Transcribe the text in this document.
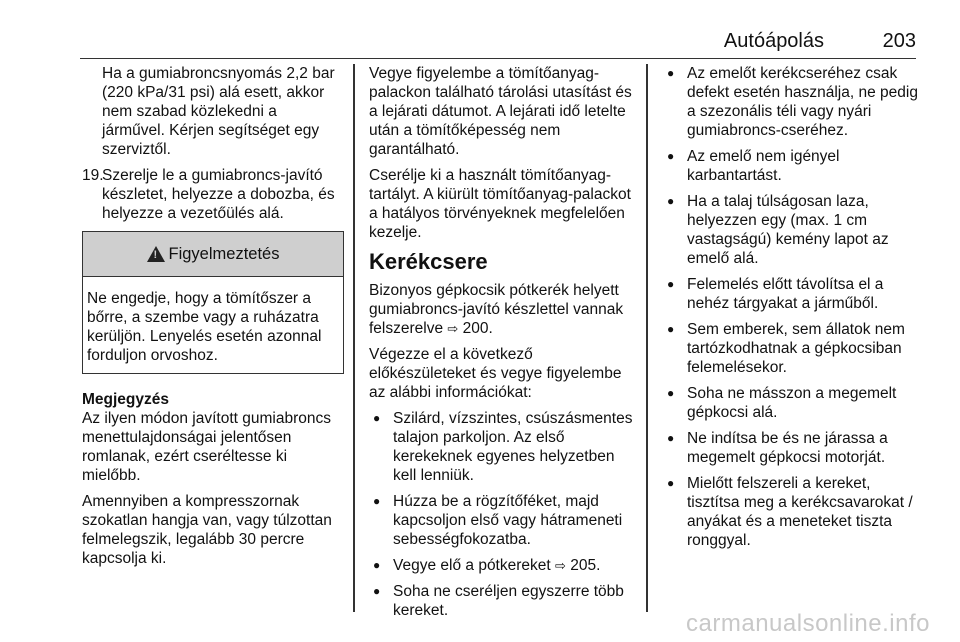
Autóápolás	203

Ha a gumiabroncsnyomás 2,2 bar (220 kPa/31 psi) alá esett, akkor nem szabad közlekedni a járművel. Kérjen segítséget egy szerviztől.

19.
Szerelje le a gumiabroncs-javító készletet, helyezze a dobozba, és helyezze a vezetőülés alá.
! Figyelmeztetés
Ne engedje, hogy a tömítőszer a bőrre, a szembe vagy a ruházatra kerüljön. Lenyelés esetén azonnal forduljon orvoshoz.
Megjegyzés

Az ilyen módon javított gumiabroncs menettulajdonságai jelentősen romlanak, ezért cseréltesse ki mielőbb.

Amennyiben a kompresszornak szokatlan hangja van, vagy túlzottan felmelegszik, legalább 30 percre kapcsolja ki.

Vegye figyelembe a tömítőanyag-palackon található tárolási utasítást és a lejárati dátumot. A lejárati idő letelte után a tömítőképesség nem garantálható.

Cserélje ki a használt tömítőanyag-tartályt. A kiürült tömítőanyag-palackot a hatályos törvényeknek megfelelően kezelje.

Kerékcsere

Bizonyos gépkocsik pótkerék helyett gumiabroncs-javító készlettel vannak felszerelve ⇨ 200.

Végezze el a következő előkészületeket és vegye figyelembe az alábbi információkat:

● Szilárd, vízszintes, csúszásmentes talajon parkoljon. Az első kerekeknek egyenes helyzetben kell lenniük.
● Húzza be a rögzítőféket, majd kapcsoljon első vagy hátrameneti sebességfokozatba.
● Vegye elő a pótkereket ⇨ 205.
● Soha ne cseréljen egyszerre több kereket.
● Az emelőt kerékcseréhez csak defekt esetén használja, ne pedig a szezonális téli vagy nyári gumiabroncs-cseréhez.
● Az emelő nem igényel karbantartást.
● Ha a talaj túlságosan laza, helyezzen egy (max. 1 cm vastagságú) kemény lapot az emelő alá.
● Felemelés előtt távolítsa el a nehéz tárgyakat a járműből.
● Sem emberek, sem állatok nem tartózkodhatnak a gépkocsiban felemelésekor.
● Soha ne másszon a megemelt gépkocsi alá.
● Ne indítsa be és ne járassa a megemelt gépkocsi motorját.
● Mielőtt felszereli a kereket, tisztítsa meg a kerékcsavarokat / anyákat és a meneteket tiszta ronggyal.
carmanualsonline.info
